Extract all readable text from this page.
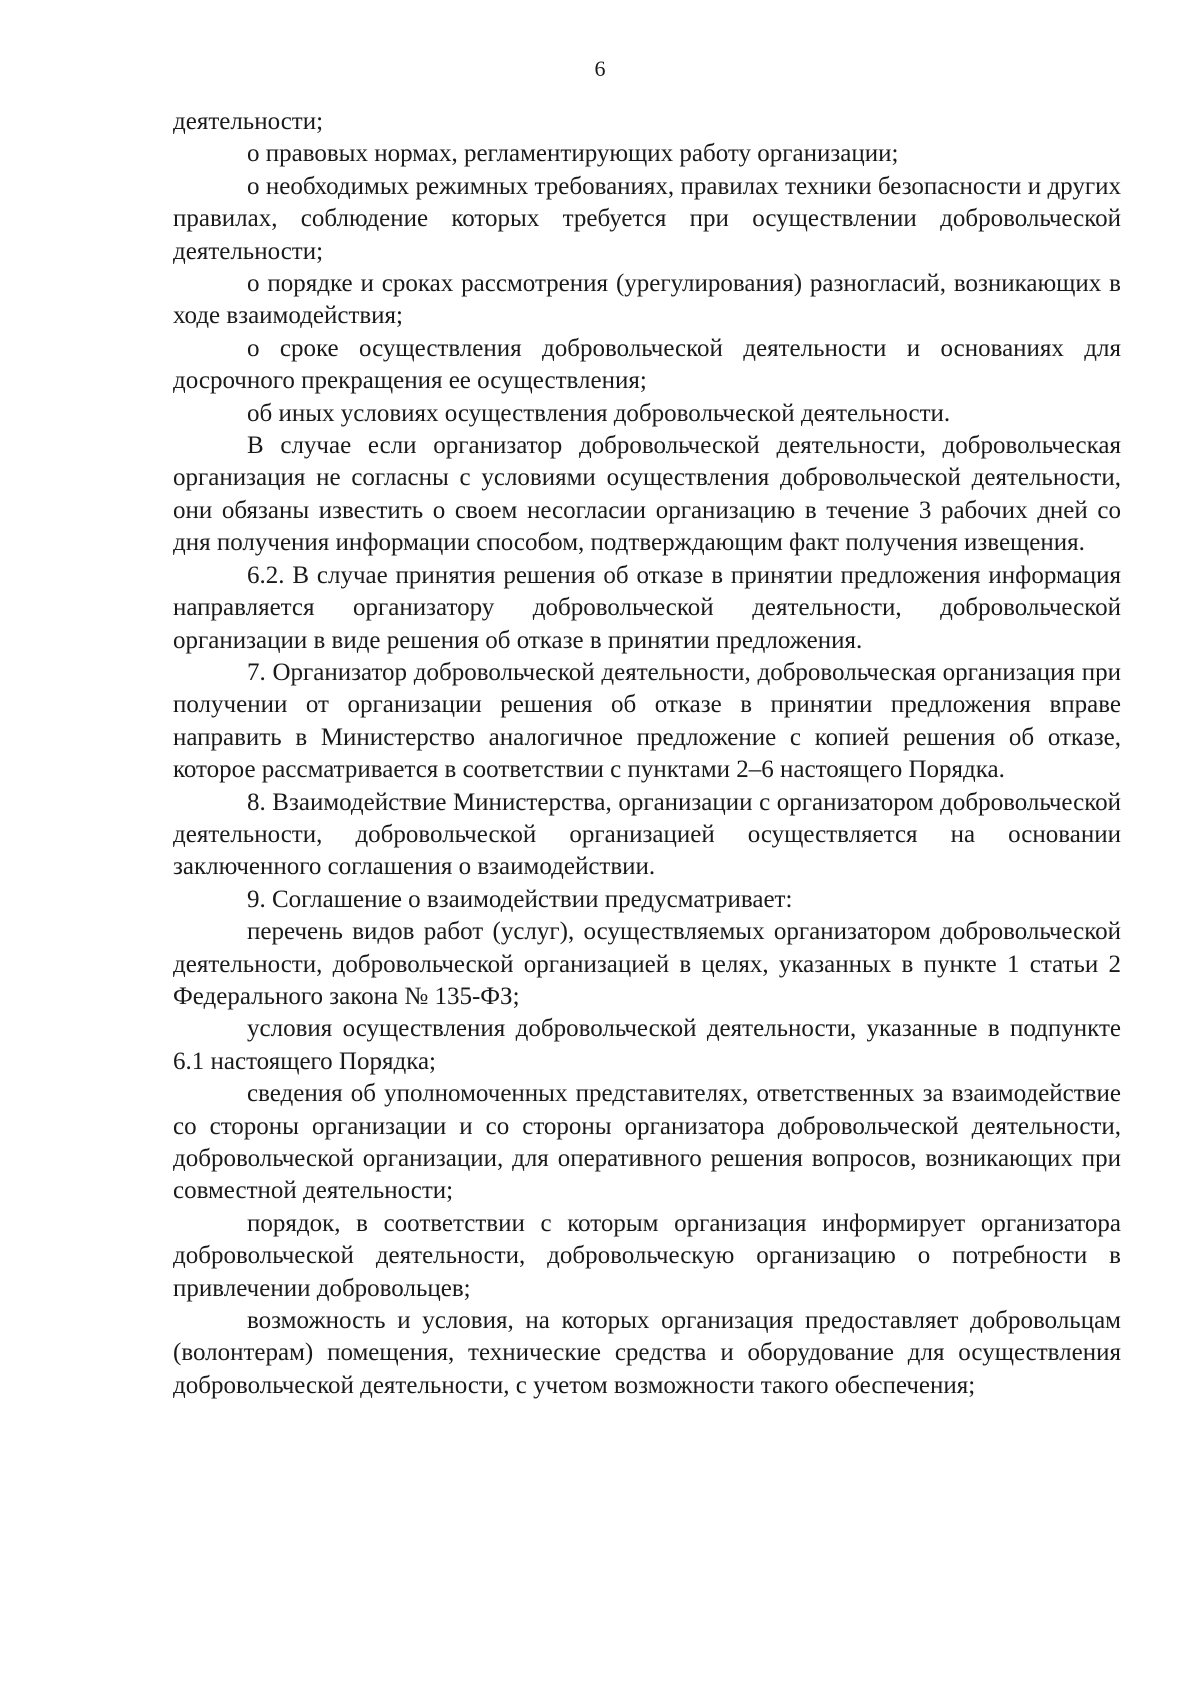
6

деятельности;

о правовых нормах, регламентирующих работу организации;

о необходимых режимных требованиях, правилах техники безопасности и других правилах, соблюдение которых требуется при осуществлении добровольческой деятельности;

о порядке и сроках рассмотрения (урегулирования) разногласий, возникающих в ходе взаимодействия;

о сроке осуществления добровольческой деятельности и основаниях для досрочного прекращения ее осуществления;

об иных условиях осуществления добровольческой деятельности.

В случае если организатор добровольческой деятельности, добровольческая организация не согласны с условиями осуществления добровольческой деятельности, они обязаны известить о своем несогласии организацию в течение 3 рабочих дней со дня получения информации способом, подтверждающим факт получения извещения.

6.2. В случае принятия решения об отказе в принятии предложения информация направляется организатору добровольческой деятельности, добровольческой организации в виде решения об отказе в принятии предложения.

7. Организатор добровольческой деятельности, добровольческая организация при получении от организации решения об отказе в принятии предложения вправе направить в Министерство аналогичное предложение с копией решения об отказе, которое рассматривается в соответствии с пунктами 2–6 настоящего Порядка.

8. Взаимодействие Министерства, организации с организатором добровольческой деятельности, добровольческой организацией осуществляется на основании заключенного соглашения о взаимодействии.

9. Соглашение о взаимодействии предусматривает:

перечень видов работ (услуг), осуществляемых организатором добровольческой деятельности, добровольческой организацией в целях, указанных в пункте 1 статьи 2 Федерального закона № 135-ФЗ;

условия осуществления добровольческой деятельности, указанные в подпункте 6.1 настоящего Порядка;

сведения об уполномоченных представителях, ответственных за взаимодействие со стороны организации и со стороны организатора добровольческой деятельности, добровольческой организации, для оперативного решения вопросов, возникающих при совместной деятельности;

порядок, в соответствии с которым организация информирует организатора добровольческой деятельности, добровольческую организацию о потребности в привлечении добровольцев;

возможность и условия, на которых организация предоставляет добровольцам (волонтерам) помещения, технические средства и оборудование для осуществления добровольческой деятельности, с учетом возможности такого обеспечения;
